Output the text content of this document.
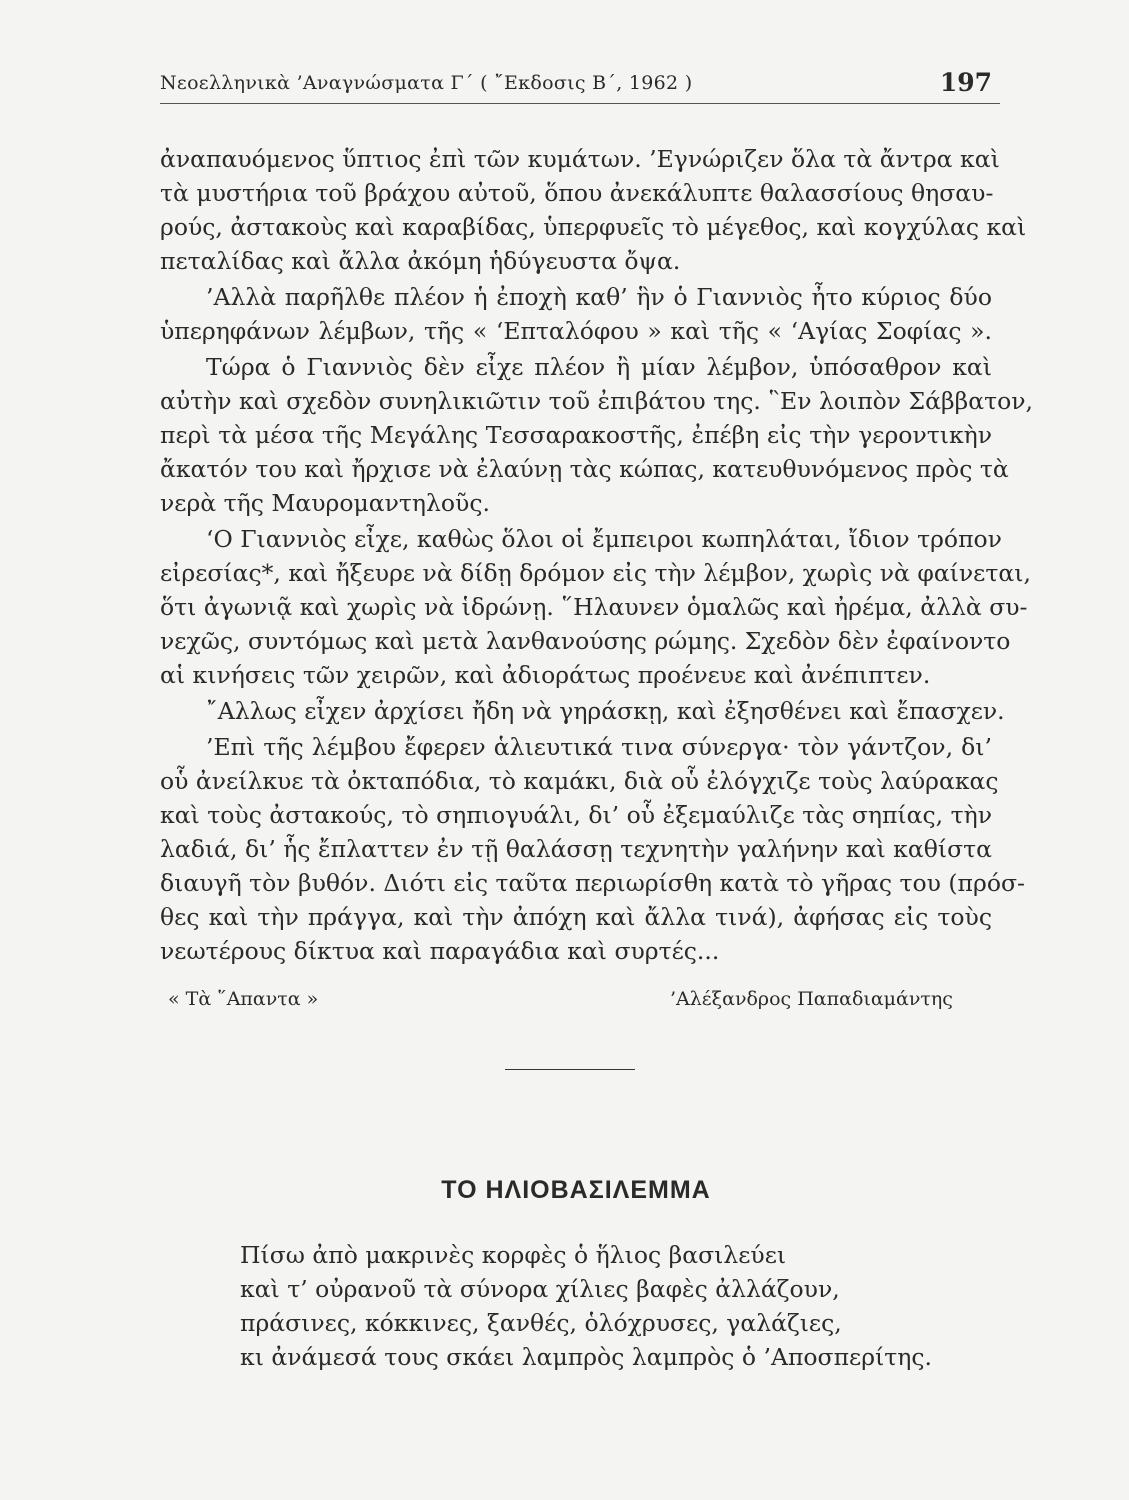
Νεοελληνικὰ ’Αναγνώσματα Γ΄ ( ῎Εκδοσις Β΄, 1962 )	197
ἀναπαυόμενος ὕπτιος ἐπὶ τῶν κυμάτων. ’Εγνώριζεν ὅλα τὰ ἄντρα καὶ
τὰ μυστήρια τοῦ βράχου αὐτοῦ, ὅπου ἀνεκάλυπτε θαλασσίους θησαυ-
ρούς, ἀστακοὺς καὶ καραβίδας, ὑπερφυεῖς τὸ μέγεθος, καὶ κογχύλας καὶ
πεταλίδας καὶ ἄλλα ἀκόμη ἡδύγευστα ὄψα.
’Αλλὰ παρῆλθε πλέον ἡ ἐποχὴ καθ’ ἣν ὁ Γιαννιὸς ἦτο κύριος δύο
ὑπερηφάνων λέμβων, τῆς « ‘Επταλόφου » καὶ τῆς « ‘Αγίας Σοφίας ».
Τώρα ὁ Γιαννιὸς δὲν εἶχε πλέον ἢ μίαν λέμβον, ὑπόσαθρον καὶ
αὐτὴν καὶ σχεδὸν συνηλικιῶτιν τοῦ ἐπιβάτου της. ῝Εν λοιπὸν Σάββατον,
περὶ τὰ μέσα τῆς Μεγάλης Τεσσαρακοστῆς, ἐπέβη εἰς τὴν γεροντικὴν
ἄκατόν του καὶ ἤρχισε νὰ ἐλαύνῃ τὰς κώπας, κατευθυνόμενος πρὸς τὰ
νερὰ τῆς Μαυρομαντηλοῦς.
‘Ο Γιαννιὸς εἶχε, καθὼς ὅλοι οἱ ἔμπειροι κωπηλάται, ἴδιον τρόπον
εἰρεσίας*, καὶ ἤξευρε νὰ δίδῃ δρόμον εἰς τὴν λέμβον, χωρὶς νὰ φαίνεται,
ὅτι ἀγωνιᾷ καὶ χωρὶς νὰ ἱδρώνῃ. ῞Ηλαυνεν ὁμαλῶς καὶ ἠρέμα, ἀλλὰ συ-
νεχῶς, συντόμως καὶ μετὰ λανθανούσης ρώμης. Σχεδὸν δὲν ἐφαίνοντο
αἱ κινήσεις τῶν χειρῶν, καὶ ἀδιοράτως προένευε καὶ ἀνέπιπτεν.
῎Αλλως εἶχεν ἀρχίσει ἤδη νὰ γηράσκῃ, καὶ ἐξησθένει καὶ ἔπασχεν.
’Επὶ τῆς λέμβου ἔφερεν ἁλιευτικά τινα σύνεργα· τὸν γάντζον, δι’
οὗ ἀνείλκυε τὰ ὀκταπόδια, τὸ καμάκι, διὰ οὗ ἐλόγχιζε τοὺς λαύρακας
καὶ τοὺς ἀστακούς, τὸ σηπιογυάλι, δι’ οὗ ἐξεμαύλιζε τὰς σηπίας, τὴν
λαδιά, δι’ ἧς ἔπλαττεν ἐν τῇ θαλάσσῃ τεχνητὴν γαλήνην καὶ καθίστα
διαυγῆ τὸν βυθόν. Διότι εἰς ταῦτα περιωρίσθη κατὰ τὸ γῆρας του (πρόσ-
θες καὶ τὴν πράγγα, καὶ τὴν ἀπόχη καὶ ἄλλα τινά), ἀφήσας εἰς τοὺς
νεωτέρους δίκτυα καὶ παραγάδια καὶ συρτές...
« Τὰ ῞Απαντα »	’Αλέξανδρος Παπαδιαμάντης
ΤΟ ΗΛΙΟΒΑΣΙΛΕΜΜΑ
Πίσω ἀπὸ μακρινὲς κορφὲς ὁ ἥλιος βασιλεύει
καὶ τ’ οὐρανοῦ τὰ σύνορα χίλιες βαφὲς ἀλλάζουν,
πράσινες, κόκκινες, ξανθές, ὁλόχρυσες, γαλάζιες,
κι ἀνάμεσά τους σκάει λαμπρὸς λαμπρὸς ὁ ’Αποσπερίτης.
